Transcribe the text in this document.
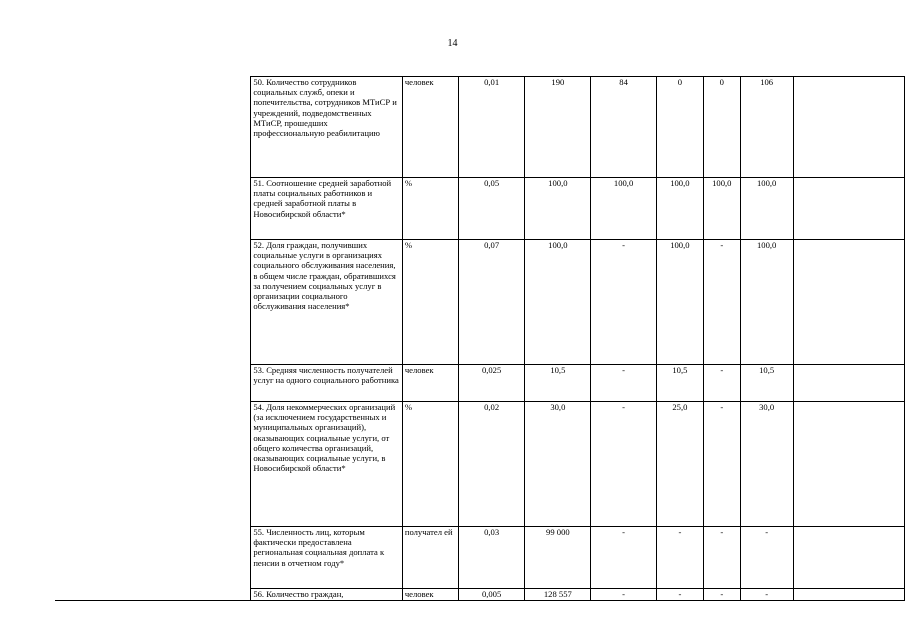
14
	50. Количество сотрудников социальных служб, опеки и попечительства, сотрудников МТиСР и учреждений, подведомственных МТиСР, прошедших профессиональную реабилитацию	человек	0,01	190	84	0	0	106	
	51. Соотношение средней заработной платы социальных работников и средней заработной платы в Новосибирской области*	%	0,05	100,0	100,0	100,0	100,0	100,0	
	52. Доля граждан, получивших социальные услуги в организациях социального обслуживания населения, в общем числе граждан, обратившихся за получением социальных услуг в организации социального обслуживания населения*	%	0,07	100,0	-	100,0	-	100,0	
	53. Средняя численность получателей услуг на одного социального работника	человек	0,025	10,5	-	10,5	-	10,5	
	54. Доля некоммерческих организаций (за исключением государственных и муниципальных организаций), оказывающих социальные услуги, от общего количества организаций, оказывающих социальные услуги, в Новосибирской области*	%	0,02	30,0	-	25,0	-	30,0	
	55. Численность лиц, которым фактически предоставлена региональная социальная доплата к пенсии в отчетном году*	получател ей	0,03	99 000	-	-	-	-	
	56. Количество граждан,	человек	0,005	128 557	-	-	-	-	
